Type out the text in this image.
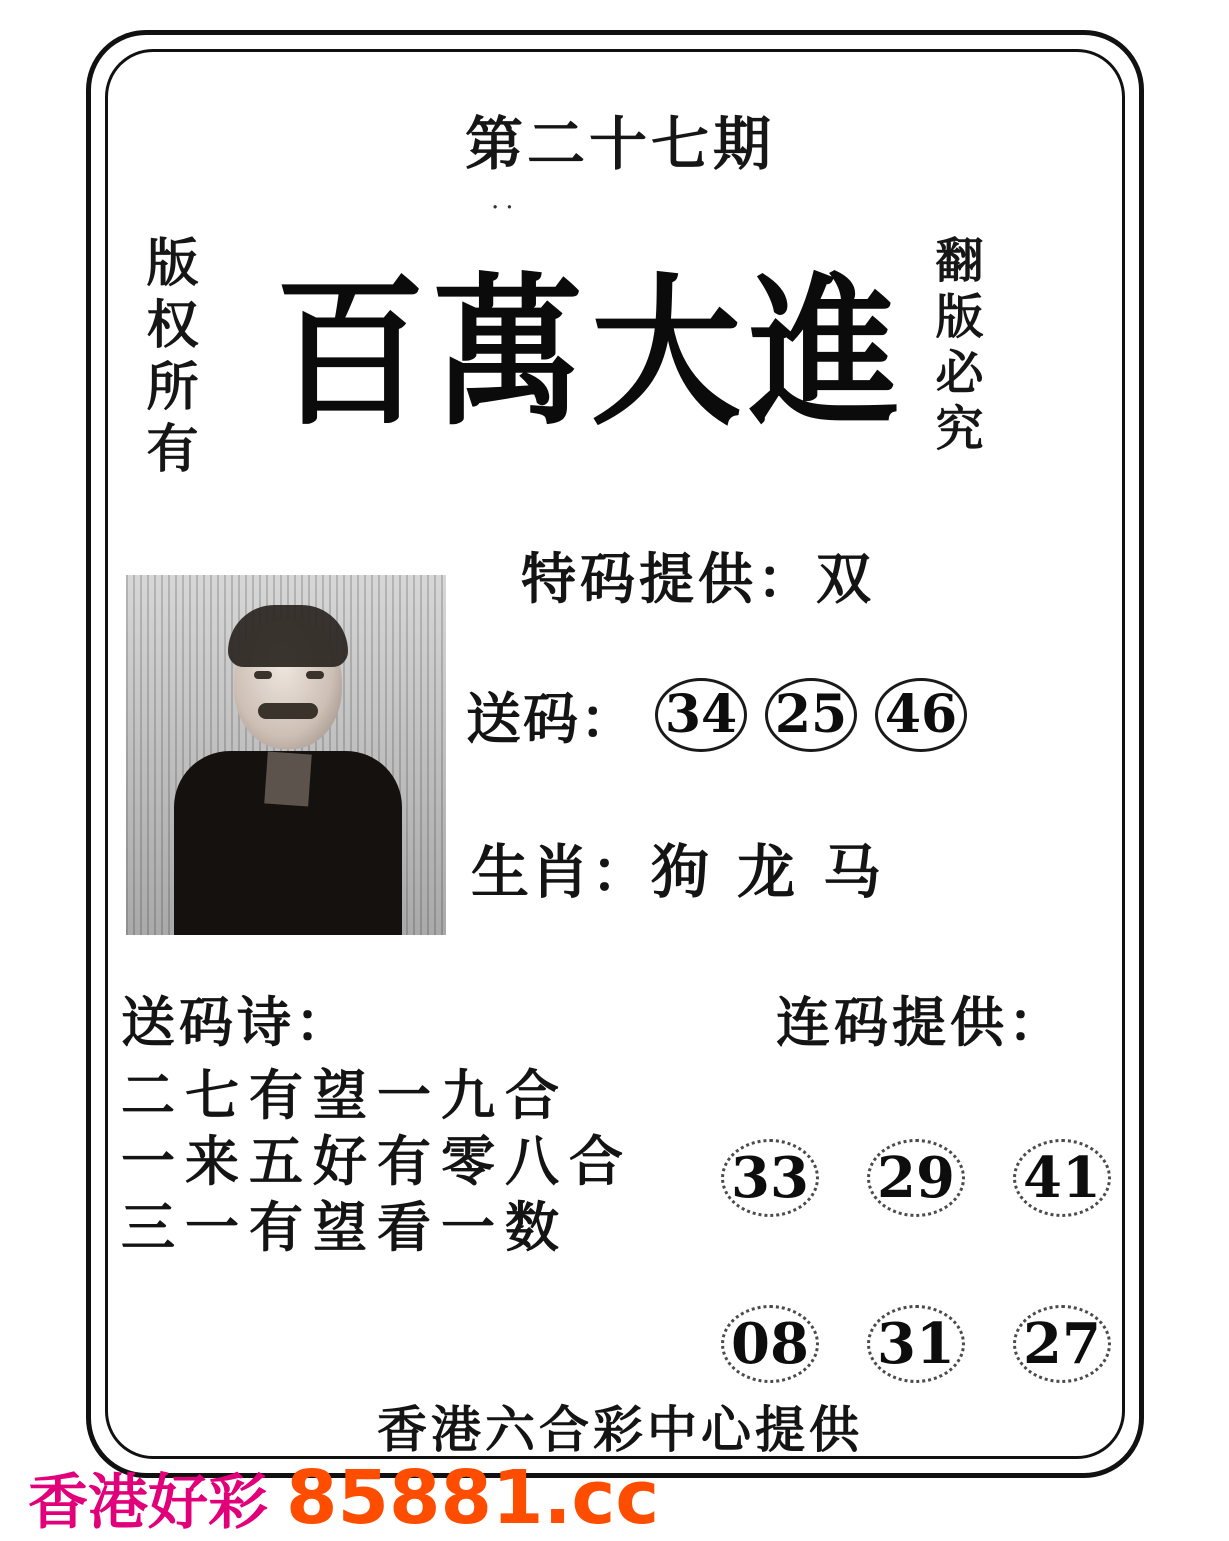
第二十七期
..
版权所有	翻版必究
百萬大進
特码提供：双
送码： 34 25 46
生肖：狗 龙 马
送码诗：
二七有望一九合
一来五好有零八合
三一有望看一数
连码提供：
33 29 41
08 31 27
香港六合彩中心提供
香港好彩 85881.cc
